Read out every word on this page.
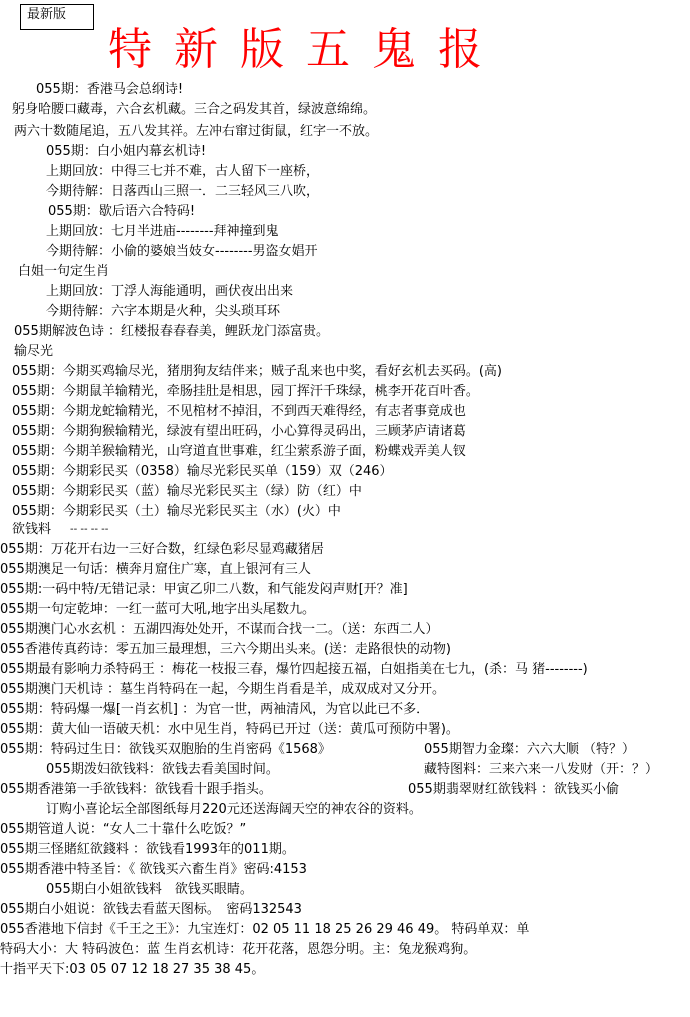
最新版
特新版五鬼报
055期：香港马会总纲诗!
躬身哈腰口藏毒，六合玄机藏。三合之码发其首，绿波意绵绵。
两六十数随尾追，五八发其祥。左冲右窜过街鼠，红字一不放。
055期：白小姐内幕玄机诗!
上期回放：中得三七并不难，古人留下一座桥，
今期待解：日落西山三照一．二三轻风三八吹，
055期：歇后语六合特码!
上期回放：七月半进庙--------拜神撞到鬼
今期待解：小偷的婆娘当妓女--------男盗女娼开
白姐一句定生肖
上期回放：丁浮人海能通明，画伏夜出出来
今期待解：六字本期是火种，尖头琐耳环
055期解波色诗 ：红楼报春春春美，鲤跃龙门添富贵。
输尽光
055期：今期买鸡输尽光，猪朋狗友结伴来；贼子乱来也中奖，看好玄机去买码。(高)
055期：今期鼠羊输精光，牵肠挂肚是相思，园丁挥汗千珠绿，桃李开花百叶香。
055期：今期龙蛇输精光，不见棺材不掉泪，不到西天难得经，有志者事竟成也
055期：今期狗猴输精光，绿波有望出旺码，小心算得灵码出，三顾茅庐请诸葛
055期：今期羊猴输精光，山穹道直世事难，红尘萦系游子面，粉蝶戏弄美人钗
055期：今期彩民买（0358）输尽光彩民买单（159）双（246）
055期：今期彩民买（蓝）输尽光彩民买主（绿）防（红）中
055期：今期彩民买（土）输尽光彩民买主（水）(火）中
欲钱料
055期：万花开右边一三好合数，红绿色彩尽显鸡藏猪居
055期澳足一句话：横奔月窟住广寒，直上银河有三人
055期:一码中特/无错记录：甲寅乙卯二八数，和气能发闷声财[开？准]
055期一句定乾坤：一红一蓝可大吼,地字出头尾数九。
055期澳门心水玄机 ：五湖四海处处开，不谋而合找一二。（送：东西二人）
055香港传真药诗：零五加三最理想，三六今期出头来。(送：走路很快的动物)
055期最有影响力杀特码王 ：梅花一枝报三春，爆竹四起接五福，白姐指美在七九，(杀：马 猪--------)
055期澳门天机诗 ：墓生肖特码在一起，今期生肖看是羊，成双成对又分开。
055期：特码爆一爆[一肖玄机] ：为官一世，两袖清风，为官以此已不多．
055期：黄大仙一语破天机：水中见生肖，特码已开过（送：黄瓜可预防中署)。
055期：特码过生日：欲钱买双胞胎的生肖密码《1568》	055期智力金璨：六六大顺 （特？）
055期泼妇欲钱料：欲钱去看美国时间。	藏特图料：三来六来一八发财（开：？）
055期香港第一手欲钱料：欲钱看十跟手指头。	055期翡翠财红欲钱料 ：欲钱买小偷
订购小喜论坛全部图纸每月220元还送海阔天空的神农谷的资料。
055期管道人说：“女人二十靠什么吃饭？”
055期三怪賭紅欲錢料 ：欲钱看1993年的011期。
055期香港中特圣旨：《 欲钱买六畜生肖》密码:4153
055期白小姐欲钱料　欲钱买眼睛。
055期白小姐说：欲钱去看蓝天图标。　密码132543
055香港地下信封《千王之王》：九宝连灯：02 05 11 18 25 26 29 46 49。 特码单双：单
特码大小：大 特码波色：蓝 生肖玄机诗：花开花落，恩怨分明。主：兔龙猴鸡狗。
十指平天下:03 05 07 12 18 27 35 38 45。
-- -- -- --
